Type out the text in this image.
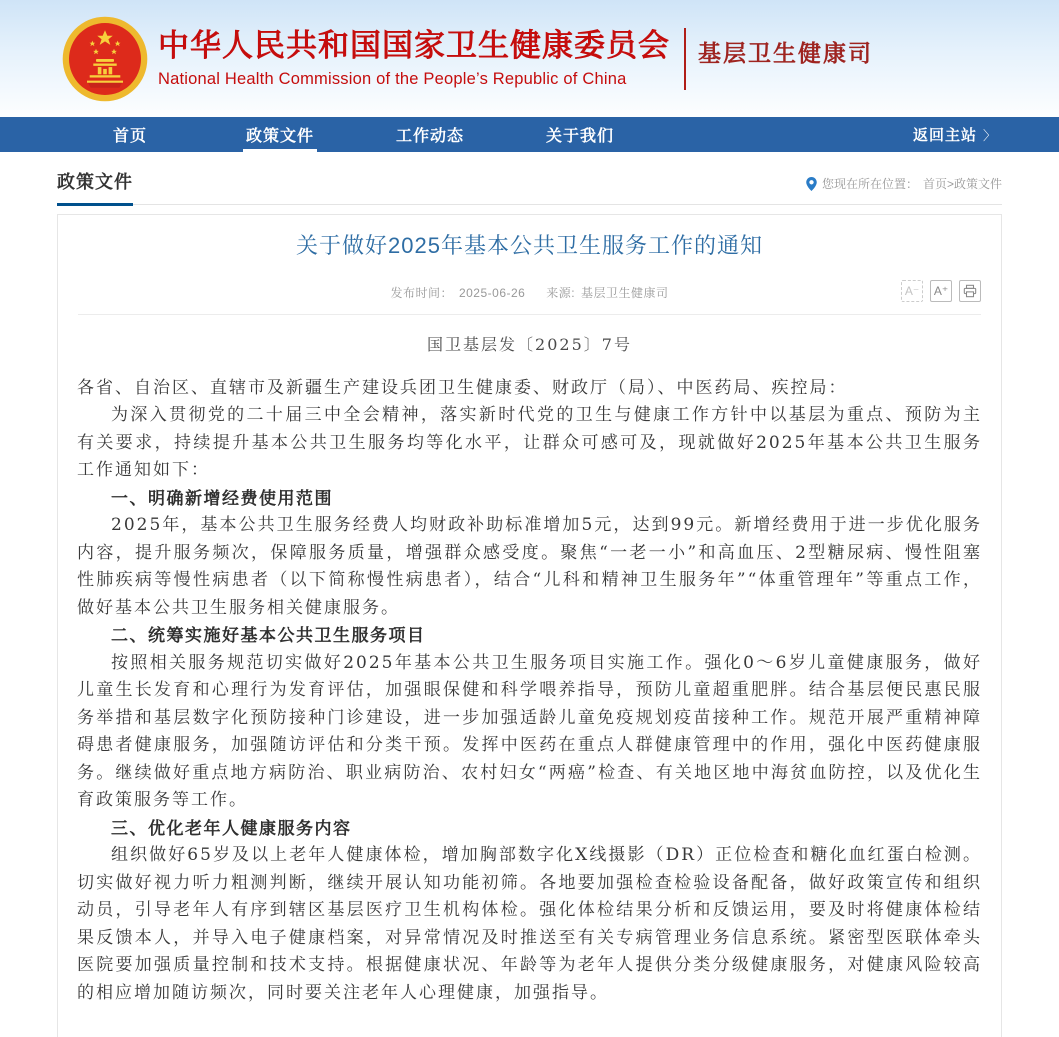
中华人民共和国国家卫生健康委员会
National Health Commission of the People’s Republic of China
基层卫生健康司
首页	政策文件	工作动态	关于我们	返回主站 〉
政策文件	您现在所在位置： 首页>政策文件
关于做好2025年基本公共卫生服务工作的通知
发布时间： 2025-06-26 来源: 基层卫生健康司	A⁻	A⁺
国卫基层发〔2025〕7号

各省、自治区、直辖市及新疆生产建设兵团卫生健康委、财政厅（局）、中医药局、疾控局：

为深入贯彻党的二十届三中全会精神，落实新时代党的卫生与健康工作方针中以基层为重点、预防为主有关要求，持续提升基本公共卫生服务均等化水平，让群众可感可及，现就做好2025年基本公共卫生服务工作通知如下：

一、明确新增经费使用范围

2025年，基本公共卫生服务经费人均财政补助标准增加5元，达到99元。新增经费用于进一步优化服务内容，提升服务频次，保障服务质量，增强群众感受度。聚焦“一老一小”和高血压、2型糖尿病、慢性阻塞性肺疾病等慢性病患者（以下简称慢性病患者），结合“儿科和精神卫生服务年”“体重管理年”等重点工作，做好基本公共卫生服务相关健康服务。

二、统筹实施好基本公共卫生服务项目

按照相关服务规范切实做好2025年基本公共卫生服务项目实施工作。强化0～6岁儿童健康服务，做好儿童生长发育和心理行为发育评估，加强眼保健和科学喂养指导，预防儿童超重肥胖。结合基层便民惠民服务举措和基层数字化预防接种门诊建设，进一步加强适龄儿童免疫规划疫苗接种工作。规范开展严重精神障碍患者健康服务，加强随访评估和分类干预。发挥中医药在重点人群健康管理中的作用，强化中医药健康服务。继续做好重点地方病防治、职业病防治、农村妇女“两癌”检查、有关地区地中海贫血防控，以及优化生育政策服务等工作。

三、优化老年人健康服务内容

组织做好65岁及以上老年人健康体检，增加胸部数字化X线摄影（DR）正位检查和糖化血红蛋白检测。切实做好视力听力粗测判断，继续开展认知功能初筛。各地要加强检查检验设备配备，做好政策宣传和组织动员，引导老年人有序到辖区基层医疗卫生机构体检。强化体检结果分析和反馈运用，要及时将健康体检结果反馈本人，并导入电子健康档案，对异常情况及时推送至有关专病管理业务信息系统。紧密型医联体牵头医院要加强质量控制和技术支持。根据健康状况、年龄等为老年人提供分类分级健康服务，对健康风险较高的相应增加随访频次，同时要关注老年人心理健康，加强指导。
